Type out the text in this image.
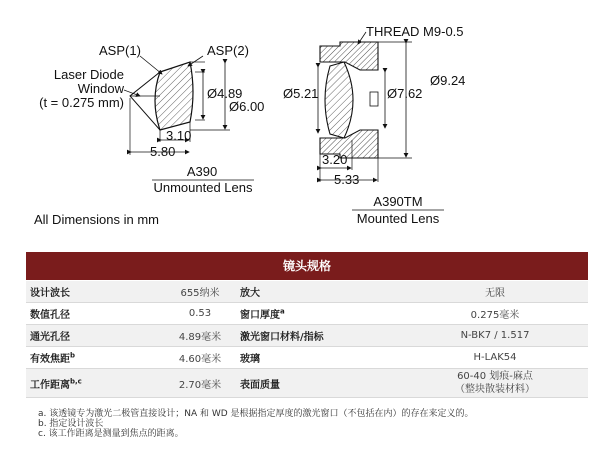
ASP(1)	ASP(2)
Laser Diode
Window
(t = 0.275 mm)
Ø4.89
Ø6.00
3.10
5.80
A390
Unmounted Lens
All Dimensions in mm
THREAD M9-0.5
Ø5.21	Ø7.62
Ø9.24
3.20
5.33
A390TM
Mounted Lens
镜头规格
设计波长	655纳米	放大	无限
数值孔径	0.53	窗口厚度$^a$	0.275毫米
通光孔径	4.89毫米	激光窗口材料/指标	N-BK7 / 1.517
有效焦距$^b$	4.60毫米	玻璃	H-LAK54
工作距离$^{b,c}$	2.70毫米	表面质量	60-40 划痕-麻点
（整块散装材料）
a. 该透镜专为激光二极管直接设计；NA 和 WD 是根据指定厚度的激光窗口（不包括在内）的存在来定义的。
b. 指定设计波长
c. 该工作距离是测量到焦点的距离。
